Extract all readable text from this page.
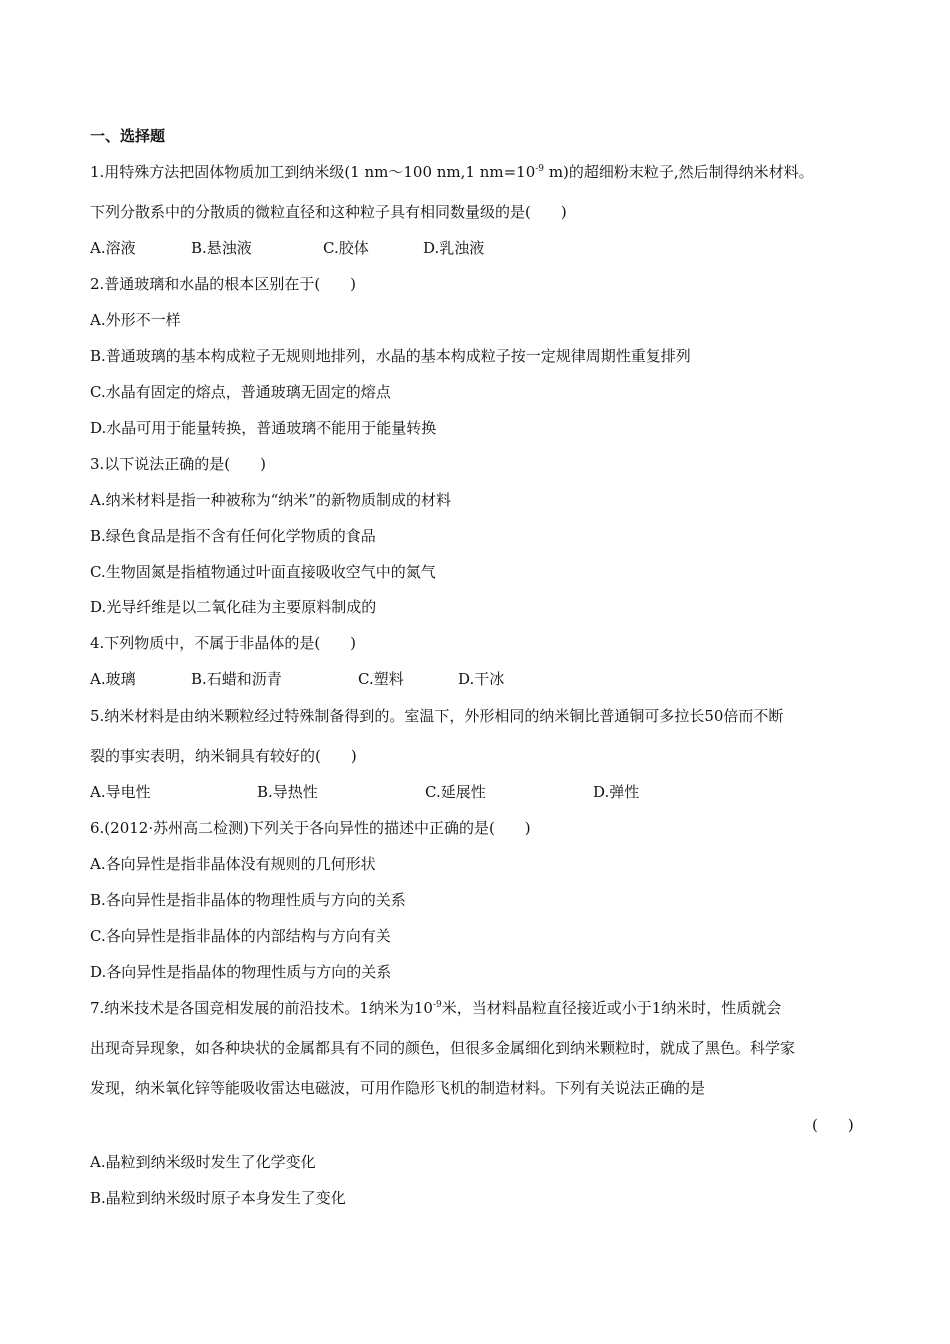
一、选择题
1.用特殊方法把固体物质加工到纳米级(1 nm～100 nm,1 $nm=10^{-9}$ m)的超细粉末粒子,然后制得纳米材料。
下列分散系中的分散质的微粒直径和这种粒子具有相同数量级的是(　　)
A.溶液	B.悬浊液	C.胶体	D.乳浊液
2.普通玻璃和水晶的根本区别在于(　　)
A.外形不一样
B.普通玻璃的基本构成粒子无规则地排列，水晶的基本构成粒子按一定规律周期性重复排列
C.水晶有固定的熔点，普通玻璃无固定的熔点
D.水晶可用于能量转换，普通玻璃不能用于能量转换
3.以下说法正确的是(　　)
A.纳米材料是指一种被称为“纳米”的新物质制成的材料
B.绿色食品是指不含有任何化学物质的食品
C.生物固氮是指植物通过叶面直接吸收空气中的氮气
D.光导纤维是以二氧化硅为主要原料制成的
4.下列物质中，不属于非晶体的是(　　)
A.玻璃	B.石蜡和沥青	C.塑料	D.干冰
5.纳米材料是由纳米颗粒经过特殊制备得到的。室温下，外形相同的纳米铜比普通铜可多拉长50倍而不断
裂的事实表明，纳米铜具有较好的(　　)
A.导电性	B.导热性	C.延展性	D.弹性
6.(2012·苏州高二检测)下列关于各向异性的描述中正确的是(　　)
A.各向异性是指非晶体没有规则的几何形状
B.各向异性是指非晶体的物理性质与方向的关系
C.各向异性是指非晶体的内部结构与方向有关
D.各向异性是指晶体的物理性质与方向的关系
7.纳米技术是各国竞相发展的前沿技术。1纳米为$10^{-9}$米，当材料晶粒直径接近或小于1纳米时，性质就会
出现奇异现象，如各种块状的金属都具有不同的颜色，但很多金属细化到纳米颗粒时，就成了黑色。科学家
发现，纳米氧化锌等能吸收雷达电磁波，可用作隐形飞机的制造材料。下列有关说法正确的是
(　　)
A.晶粒到纳米级时发生了化学变化
B.晶粒到纳米级时原子本身发生了变化
